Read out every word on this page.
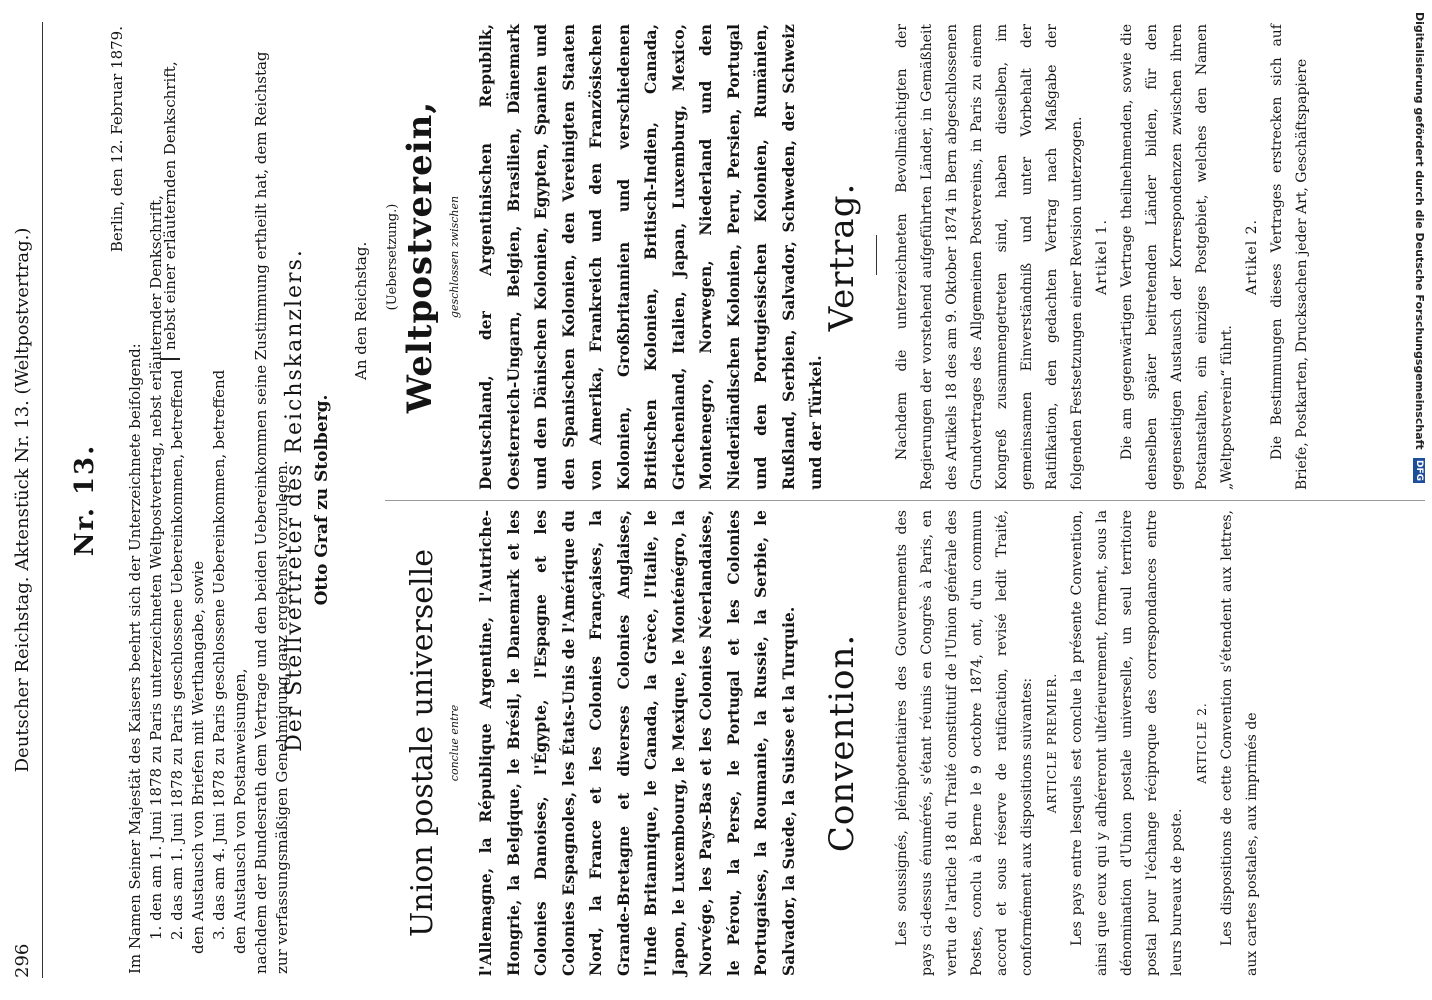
296
Deutscher Reichstag. Aktenstück Nr. 13. (Weltpostvertrag.) Nr. 13.
Berlin, den 12. Februar 1879.

Im Namen Seiner Majestät des Kaisers beehrt sich der Unterzeichnete beifolgend: 1. den am 1. Juni 1878 zu Paris unterzeichneten Weltpostvertrag, nebst erläuternder Denkschrift, 2. das am 1. Juni 1878 zu Paris geschlossene Uebereinkommen, betreffend den Austausch von Briefen mit Werthangabe, sowie 3. das am 4. Juni 1878 zu Paris geschlossene Uebereinkommen, betreffend den Austausch von Postanweisungen, nachdem der Bundesrath dem Vertrage und den beiden Uebereinkommen seine Zustimmung ertheilt hat, dem Reichstag zur verfassungsmäßigen Genehmigung ganz ergebenst vorzulegen.

nebst einer erläuternden Denkschrift,
Der Stellvertreter des Reichskanzlers. Otto Graf zu Stolberg.
An den Reichstag.
Union postale universelle conclue entre l'Allemagne, la République Argentine, l'Autriche-Hongrie, la Belgique, le Brésil, le Danemark et les Colonies Danoises, l'Égypte, l'Espagne et les Colonies Espagnoles, les États-Unis de l'Amérique du Nord, la France et les Colonies Françaises, la Grande-Bretagne et diverses Colonies Anglaises, l'Inde Britannique, le Canada, la Grèce, l'Italie, le Japon, le Luxembourg, le Mexique, le Monténégro, la Norvége, les Pays-Bas et les Colonies Néerlandaises, le Pérou, la Perse, le Portugal et les Colonies Portugaises, la Roumanie, la Russie, la Serbie, le Salvador, la Suède, la Suisse et la Turquie. Convention. Les soussignés, plénipotentiaires des Gouvernements des pays ci-dessus énumérés, s'étant réunis en Congrès à Paris, en vertu de l'article 18 du Traité constitutif de l'Union générale des Postes, conclu à Berne le 9 octobre 1874, ont, d'un commun accord et sous réserve de ratification, revisé ledit Traité, conformément aux dispositions suivantes: ARTICLE PREMIER. Les pays entre lesquels est conclue la présente Convention, ainsi que ceux qui y adhéreront ultérieurement, forment, sous la dénomination d'Union postale universelle, un seul territoire postal pour l'échange réciproque des correspondances entre leurs bureaux de poste.

ARTICLE 2. Les dispositions de cette Convention s'étendent aux lettres, aux cartes postales, aux imprimés de

(Uebersetzung.) Weltpostverein, geschlossen zwischen Deutschland, der Argentinischen Republik, Oesterreich-Ungarn, Belgien, Brasilien, Dänemark und den Dänischen Kolonien, Egypten, Spanien und den Spanischen Kolonien, den Vereinigten Staaten von Amerika, Frankreich und den Französischen Kolonien, Großbritannien und verschiedenen Britischen Kolonien, Britisch-Indien, Canada, Griechenland, Italien, Japan, Luxemburg, Mexico, Montenegro, Norwegen, Niederland und den Niederländischen Kolonien, Peru, Persien, Portugal und den Portugiesischen Kolonien, Rumänien, Rußland, Serbien, Salvador, Schweden, der Schweiz und der Türkei.
Vertrag. Nachdem die unterzeichneten Bevollmächtigten der Regierungen der vorstehend aufgeführten Länder, in Gemäßheit des Artikels 18 des am 9. Oktober 1874 in Bern abgeschlossenen Grundvertrages des Allgemeinen Postvereins, in Paris zu einem Kongreß zusammengetreten sind, haben dieselben, im gemeinsamen Einverständniß und unter Vorbehalt der Ratifikation, den gedachten Vertrag nach Maßgabe der folgenden Festsetzungen einer Revision unterzogen. Artikel 1. Die am gegenwärtigen Vertrage theilnehmenden, sowie die denselben später beitretenden Länder bilden, für den gegenseitigen Austausch der Korrespondenzen zwischen ihren Postanstalten, ein einziges Postgebiet, welches den Namen „Weltpostverein“ führt.

Artikel 2. Die Bestimmungen dieses Vertrages erstrecken sich auf Briefe, Postkarten, Drucksachen jeder Art, Geschäftspapiere	Digitalisierung gefördert durch die Deutsche Forschungsgemeinschaft DFG
